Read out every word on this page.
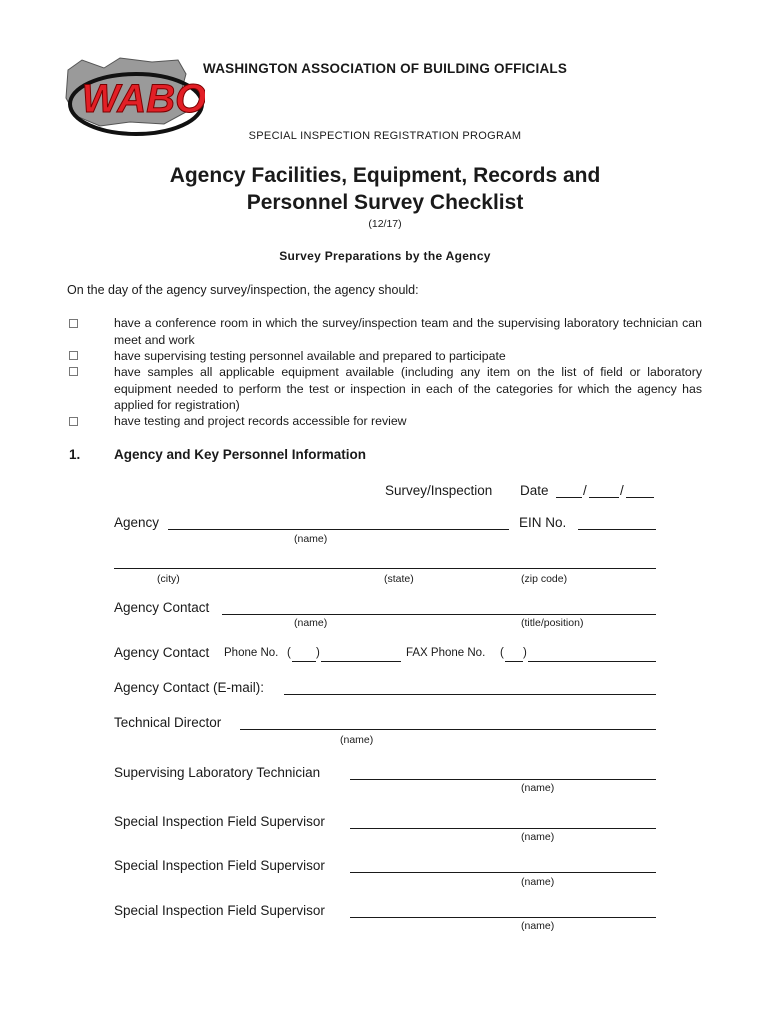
WABO
WASHINGTON ASSOCIATION OF BUILDING OFFICIALS
SPECIAL INSPECTION REGISTRATION PROGRAM
Agency Facilities, Equipment, Records and
Personnel Survey Checklist
(12/17)
Survey Preparations by the Agency
On the day of the agency survey/inspection, the agency should:
have a conference room in which the survey/inspection team and the supervising laboratory technician can meet and work
have supervising testing personnel available and prepared to participate
have samples all applicable equipment available (including any item on the list of field or laboratory equipment needed to perform the test or inspection in each of the categories for which the agency has applied for registration)
have testing and project records accessible for review
1. Agency and Key Personnel Information
Survey/Inspection Date	/ /
Agency	EIN No.
(name)
(city)	(state)	(zip code)
Agency Contact
(name)	(title/position)
Agency Contact Phone No. ( )	FAX Phone No. ( )
Agency Contact (E-mail):
Technical Director
(name)
Supervising Laboratory Technician
(name)
Special Inspection Field Supervisor
(name)
Special Inspection Field Supervisor
(name)
Special Inspection Field Supervisor
(name)
